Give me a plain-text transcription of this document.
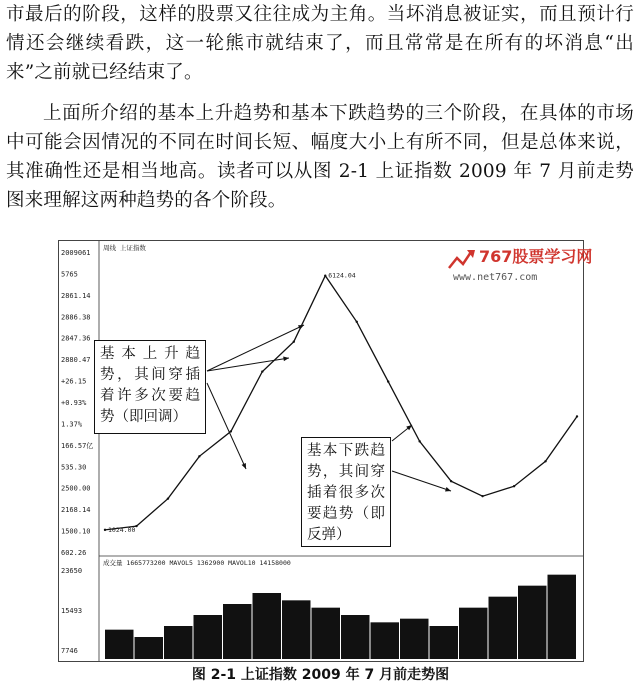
市最后的阶段，这样的股票又往往成为主角。当坏消息被证实，而且预计行情还会继续看跌，这一轮熊市就结束了，而且常常是在所有的坏消息“出来”之前就已经结束了。

上面所介绍的基本上升趋势和基本下跌趋势的三个阶段，在具体的市场中可能会因情况的不同在时间长短、幅度大小上有所不同，但是总体来说，其准确性还是相当地高。读者可以从图 2-1 上证指数 2009 年 7 月前走势图来理解这两种趋势的各个阶段。

周线 上证指数
成交量 1665773200 MAVOL5 1362900 MAVOL10 14158000
2009061
5765
2861.14
2886.38
2847.36
2880.47
+26.15
+0.93%
1.37%
166.57亿
535.30
2500.00
2168.14
1500.10
602.26
23650
15493
7746
6124.04
1024.00
基本上升趋势，其间穿插着许多次要趋势（即回调）
基本下跌趋势，其间穿插着很多次要趋势（即反弹）
767股票学习网
www.net767.com
图 2-1 上证指数 2009 年 7 月前走势图
